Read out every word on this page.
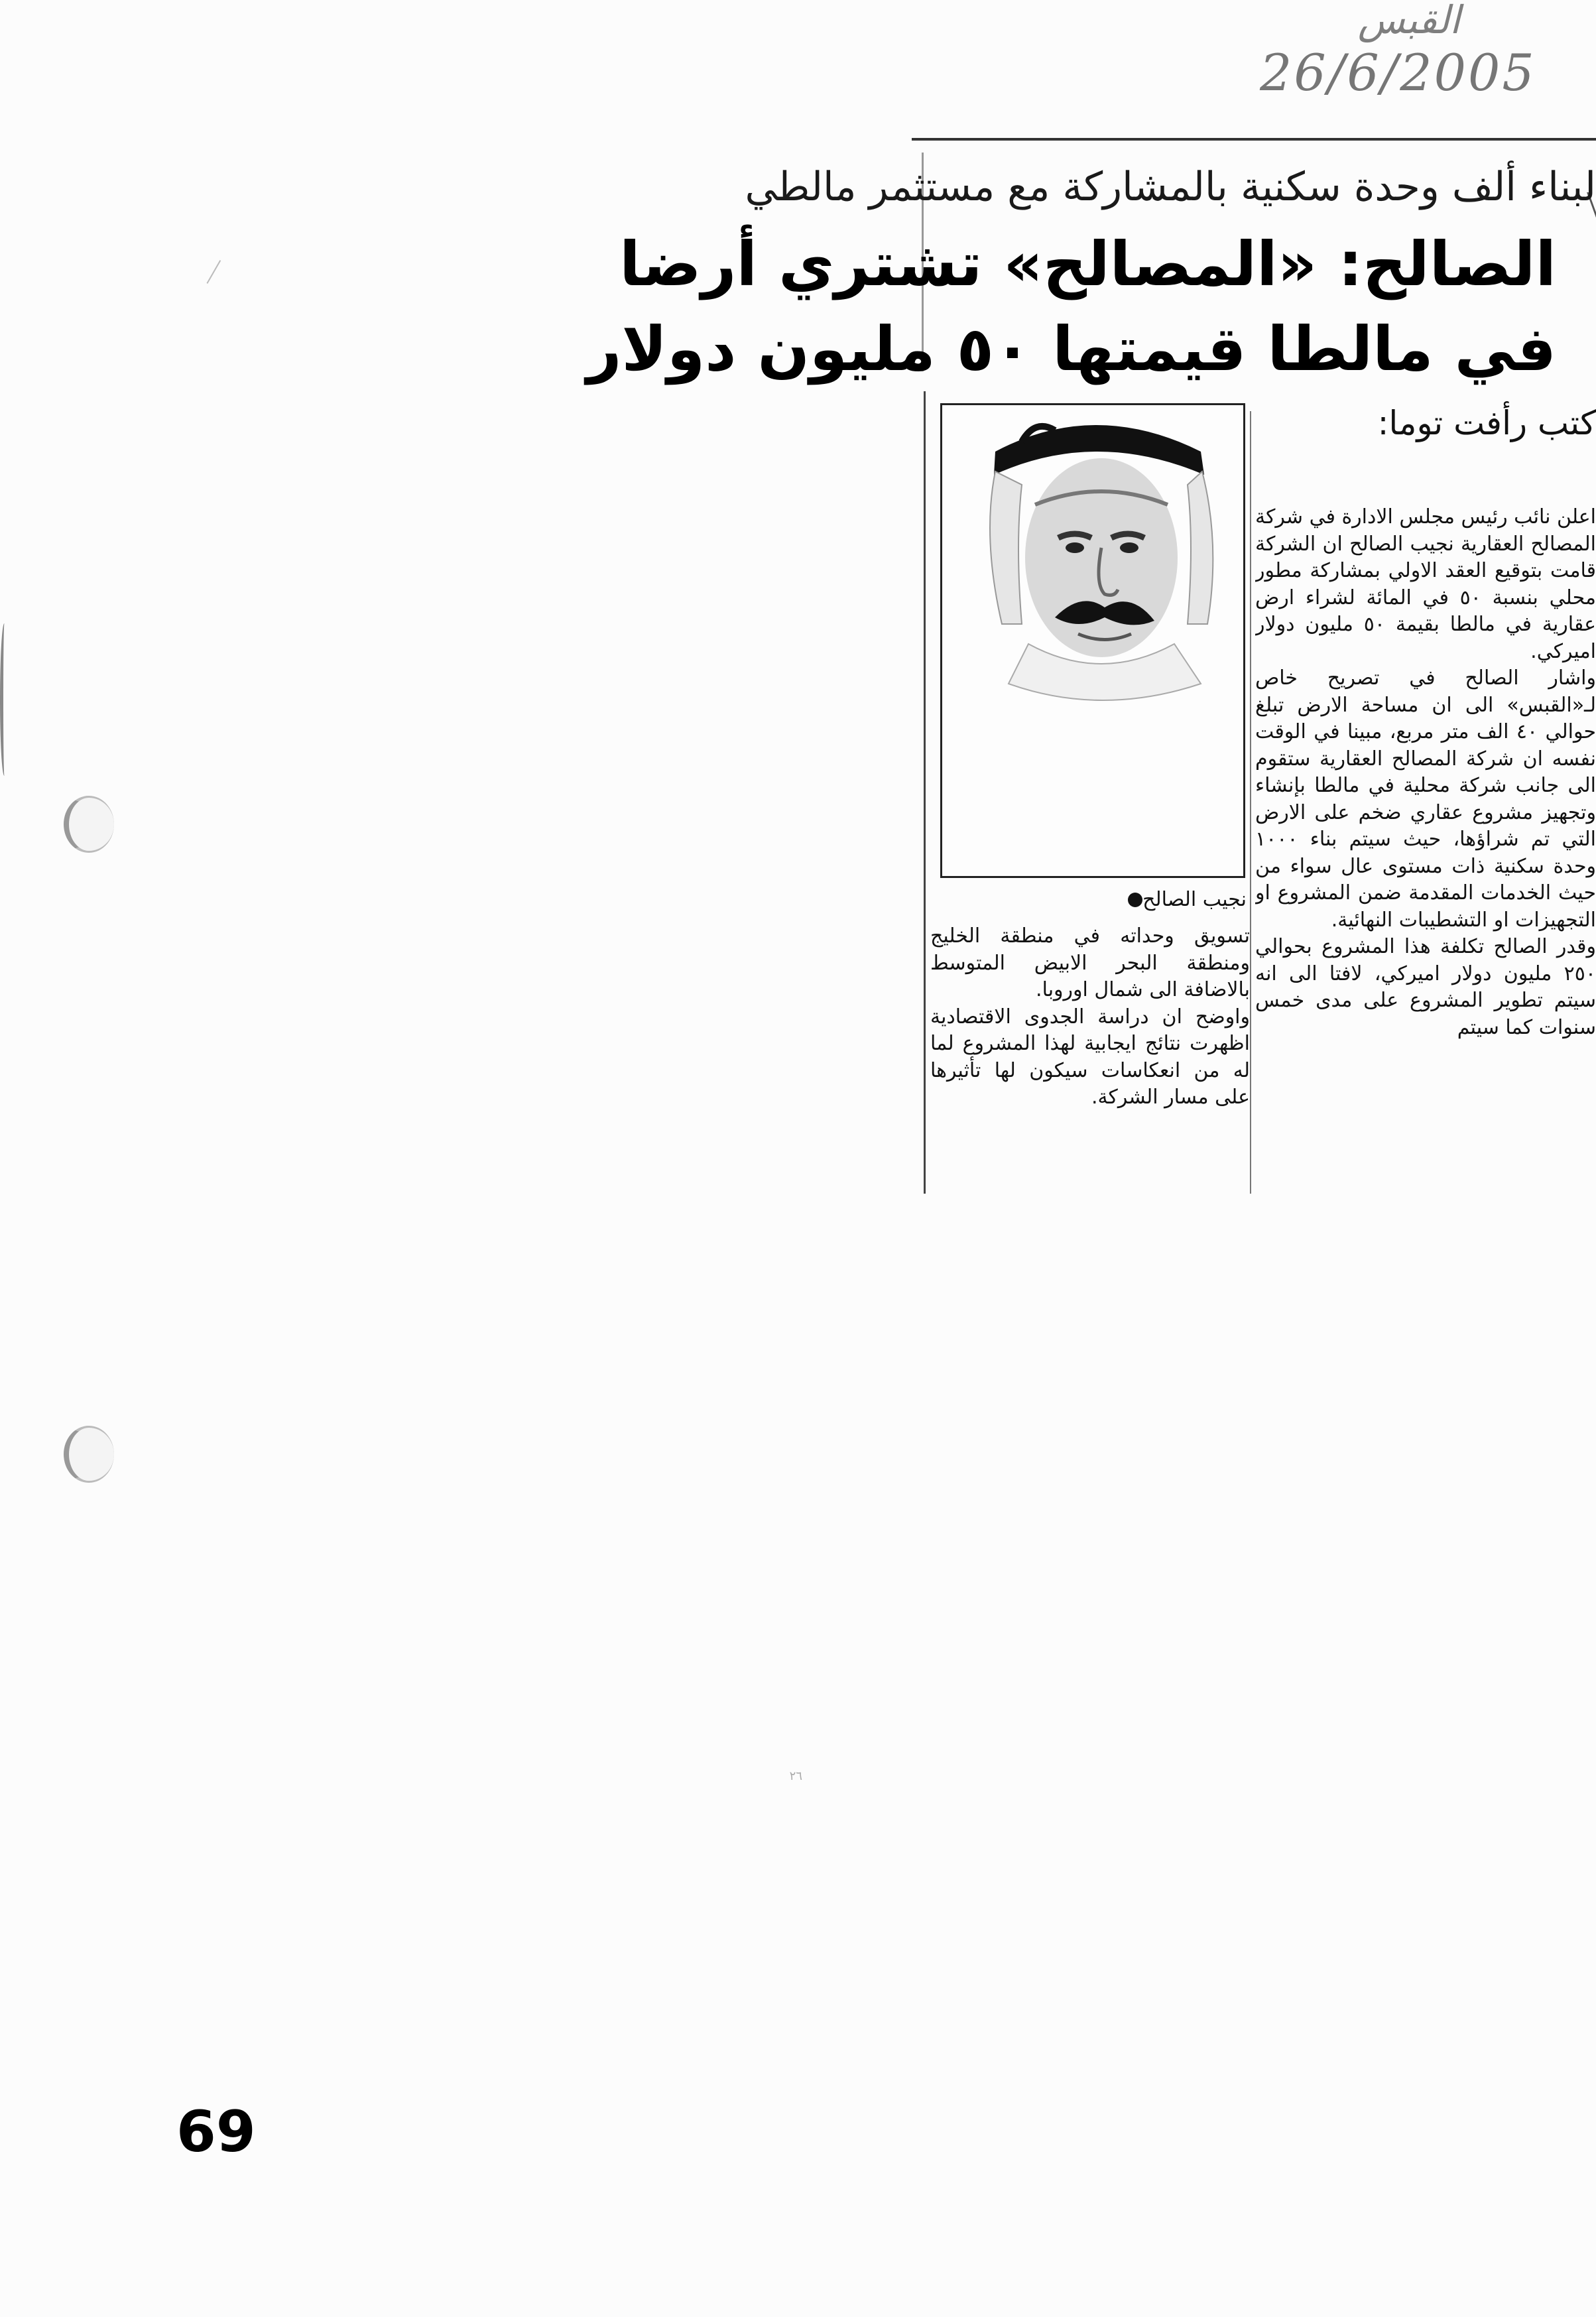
القبس
26/6/2005
لبناء ألف وحدة سكنية بالمشاركة مع مستثمر مالطي
الصالح: «المصالح» تشتري أرضا
في مالطا قيمتها ٥٠ مليون دولار
كتب رأفت توما:
نجيب الصالح

اعلن نائب رئيس مجلس الادارة في شركة المصالح العقارية نجيب الصالح ان الشركة قامت بتوقيع العقد الاولي بمشاركة مطور محلي بنسبة ٥٠ في المائة لشراء ارض عقارية في مالطا بقيمة ٥٠ مليون دولار اميركي.

واشار الصالح في تصريح خاص لـ«القبس» الى ان مساحة الارض تبلغ حوالي ٤٠ الف متر مربع، مبينا في الوقت نفسه ان شركة المصالح العقارية ستقوم الى جانب شركة محلية في مالطا بإنشاء وتجهيز مشروع عقاري ضخم على الارض التي تم شراؤها، حيث سيتم بناء ١٠٠٠ وحدة سكنية ذات مستوى عال سواء من حيث الخدمات المقدمة ضمن المشروع او التجهيزات او التشطيبات النهائية.

وقدر الصالح تكلفة هذا المشروع بحوالي ٢٥٠ مليون دولار اميركي، لافتا الى انه سيتم تطوير المشروع على مدى خمس سنوات كما سيتم

تسويق وحداته في منطقة الخليج ومنطقة البحر الابيض المتوسط بالاضافة الى شمال اوروبا.

واوضح ان دراسة الجدوى الاقتصادية اظهرت نتائج ايجابية لهذا المشروع لما له من انعكاسات سيكون لها تأثيرها على مسار الشركة.

٢٦
69
